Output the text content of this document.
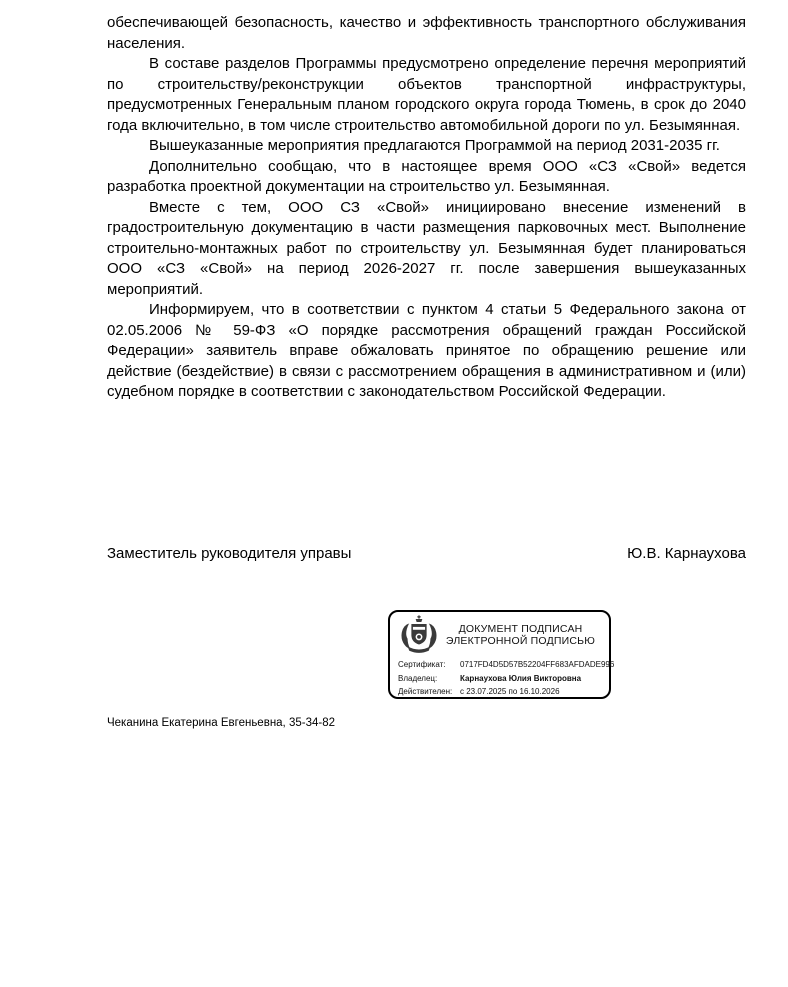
обеспечивающей безопасность, качество и эффективность транспортного обслуживания населения.

В составе разделов Программы предусмотрено определение перечня мероприятий по строительству/реконструкции объектов транспортной инфраструктуры, предусмотренных Генеральным планом городского округа города Тюмень, в срок до 2040 года включительно, в том числе строительство автомобильной дороги по ул. Безымянная.

Вышеуказанные мероприятия предлагаются Программой на период 2031-2035 гг.

Дополнительно сообщаю, что в настоящее время ООО «СЗ «Свой» ведется разработка проектной документации на строительство ул. Безымянная.

Вместе с тем, ООО СЗ «Свой» инициировано внесение изменений в градостроительную документацию в части размещения парковочных мест. Выполнение строительно-монтажных работ по строительству ул. Безымянная будет планироваться ООО «СЗ «Свой» на период 2026-2027 гг. после завершения вышеуказанных мероприятий.

Информируем, что в соответствии с пунктом 4 статьи 5 Федерального закона от 02.05.2006 № 59-ФЗ «О порядке рассмотрения обращений граждан Российской Федерации» заявитель вправе обжаловать принятое по обращению решение или действие (бездействие) в связи с рассмотрением обращения в административном и (или) судебном порядке в соответствии с законодательством Российской Федерации.

Заместитель руководителя управы	Ю.В. Карнаухова
ДОКУМЕНТ ПОДПИСАН
ЭЛЕКТРОННОЙ ПОДПИСЬЮ
Сертификат:	0717FD4D5D57B52204FF683AFDADE996
Владелец:	Карнаухова Юлия Викторовна
Действителен: с 23.07.2025 по 16.10.2026
Чеканина Екатерина Евгеньевна, 35-34-82
